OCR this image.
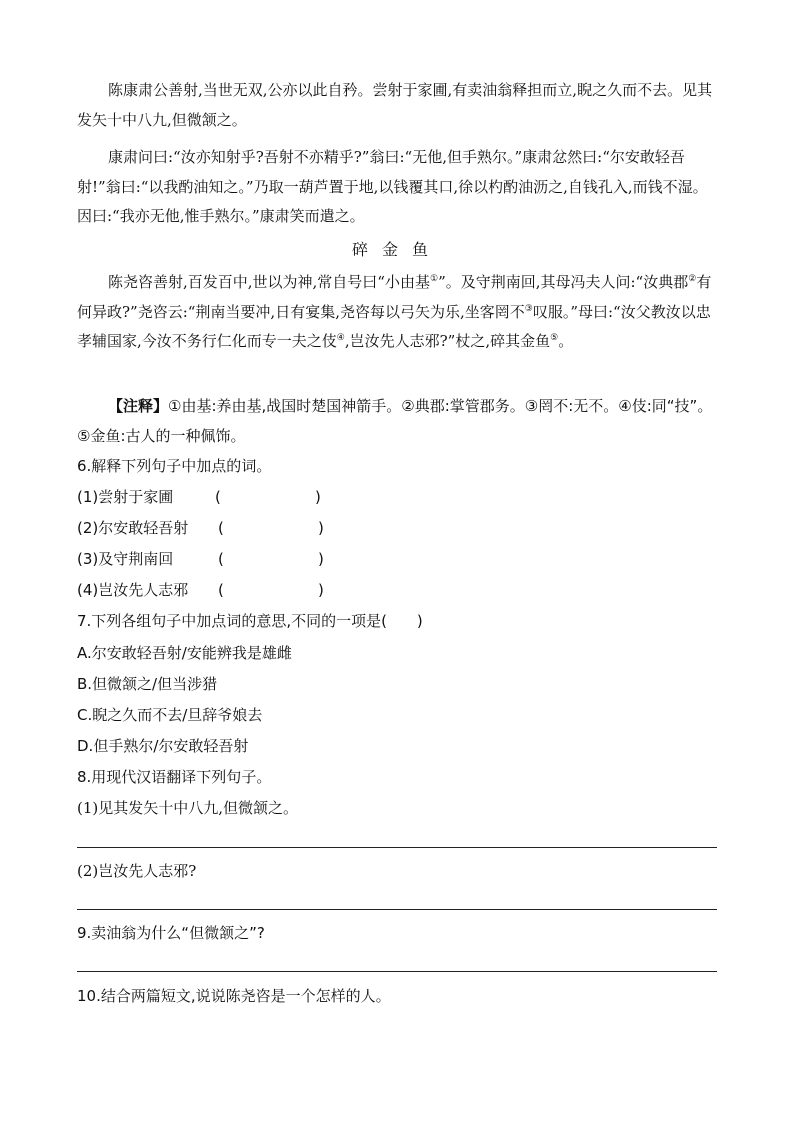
陈康肃公善射,当世无双,公亦以此自矜。尝射于家圃,有卖油翁释担而立,睨之久而不去。见其发矢十中八九,但微颔之。

康肃问曰:“汝亦知射乎?吾射不亦精乎?”翁曰:“无他,但手熟尔。”康肃忿然曰:“尔安敢轻吾射!”翁曰:“以我酌油知之。”乃取一葫芦置于地,以钱覆其口,徐以杓酌油沥之,自钱孔入,而钱不湿。因曰:“我亦无他,惟手熟尔。”康肃笑而遣之。

碎金鱼

陈尧咨善射,百发百中,世以为神,常自号曰“小由基①”。及守荆南回,其母冯夫人问:“汝典郡②有何异政?”尧咨云:“荆南当要冲,日有宴集,尧咨每以弓矢为乐,坐客罔不③叹服。”母曰:“汝父教汝以忠孝辅国家,今汝不务行仁化而专一夫之伎④,岂汝先人志邪?”杖之,碎其金鱼⑤。

【注释】①由基:养由基,战国时楚国神箭手。②典郡:掌管郡务。③罔不:无不。④伎:同“技”。⑤金鱼:古人的一种佩饰。

6.解释下列句子中加点的词。

(1)尝射于家圃	(	)

(2)尔安敢轻吾射 (	)

(3)及守荆南回	(	)

(4)岂汝先人志邪 (	)

7.下列各组句子中加点词的意思,不同的一项是(　　)

A.尔安敢轻吾射/安能辨我是雄雌

B.但微颔之/但当涉猎

C.睨之久而不去/旦辞爷娘去

D.但手熟尔/尔安敢轻吾射

8.用现代汉语翻译下列句子。

(1)见其发矢十中八九,但微颔之。

(2)岂汝先人志邪?

9.卖油翁为什么“但微颔之”?

10.结合两篇短文,说说陈尧咨是一个怎样的人。
